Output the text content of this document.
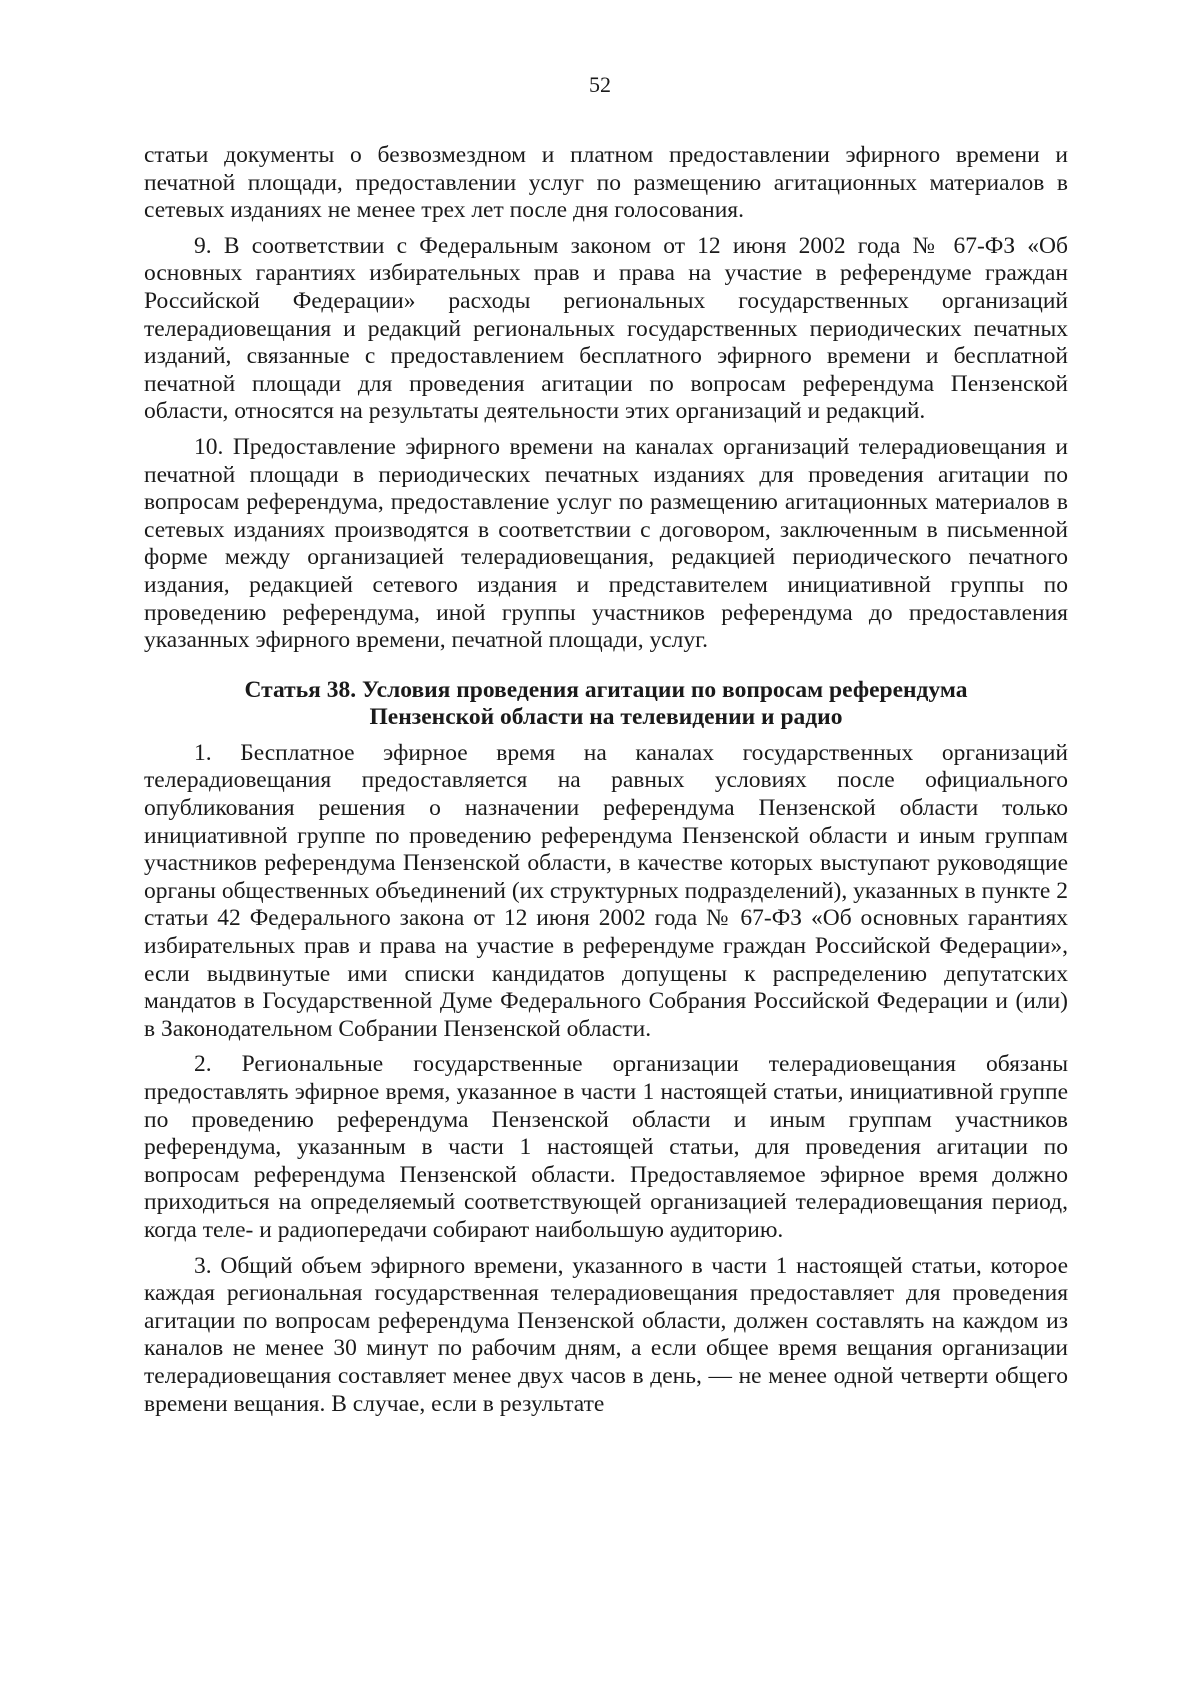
52

статьи документы о безвозмездном и платном предоставлении эфирного времени и печатной площади, предоставлении услуг по размещению агитационных материалов в сетевых изданиях не менее трех лет после дня голосования.

9. В соответствии с Федеральным законом от 12 июня 2002 года № 67-ФЗ «Об основных гарантиях избирательных прав и права на участие в референдуме граждан Российской Федерации» расходы региональных государственных организаций телерадиовещания и редакций региональных государственных периодических печатных изданий, связанные с предоставлением бесплатного эфирного времени и бесплатной печатной площади для проведения агитации по вопросам референдума Пензенской области, относятся на результаты деятельности этих организаций и редакций.

10. Предоставление эфирного времени на каналах организаций телерадиовещания и печатной площади в периодических печатных изданиях для проведения агитации по вопросам референдума, предоставление услуг по размещению агитационных материалов в сетевых изданиях производятся в соответствии с договором, заключенным в письменной форме между организацией телерадиовещания, редакцией периодического печатного издания, редакцией сетевого издания и представителем инициативной группы по проведению референдума, иной группы участников референдума до предоставления указанных эфирного времени, печатной площади, услуг.

Статья 38. Условия проведения агитации по вопросам референдума
Пензенской области на телевидении и радио

1. Бесплатное эфирное время на каналах государственных организаций телерадиовещания предоставляется на равных условиях после официального опубликования решения о назначении референдума Пензенской области только инициативной группе по проведению референдума Пензенской области и иным группам участников референдума Пензенской области, в качестве которых выступают руководящие органы общественных объединений (их структурных подразделений), указанных в пункте 2 статьи 42 Федерального закона от 12 июня 2002 года № 67-ФЗ «Об основных гарантиях избирательных прав и права на участие в референдуме граждан Российской Федерации», если выдвинутые ими списки кандидатов допущены к распределению депутатских мандатов в Государственной Думе Федерального Собрания Российской Федерации и (или) в Законодательном Собрании Пензенской области.

2. Региональные государственные организации телерадиовещания обязаны предоставлять эфирное время, указанное в части 1 настоящей статьи, инициативной группе по проведению референдума Пензенской области и иным группам участников референдума, указанным в части 1 настоящей статьи, для проведения агитации по вопросам референдума Пензенской области. Предоставляемое эфирное время должно приходиться на определяемый соответствующей организацией телерадиовещания период, когда теле- и радиопередачи собирают наибольшую аудиторию.

3. Общий объем эфирного времени, указанного в части 1 настоящей статьи, которое каждая региональная государственная телерадиовещания предоставляет для проведения агитации по вопросам референдума Пензенской области, должен составлять на каждом из каналов не менее 30 минут по рабочим дням, а если общее время вещания организации телерадиовещания составляет менее двух часов в день, — не менее одной четверти общего времени вещания. В случае, если в результате
